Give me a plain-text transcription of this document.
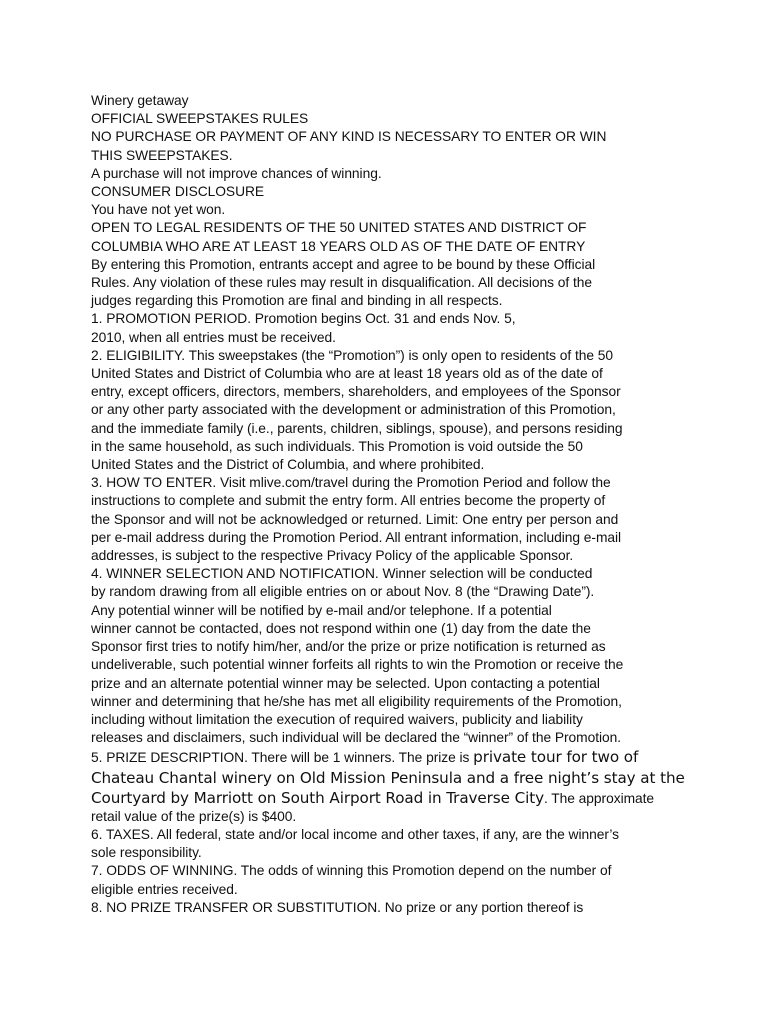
Winery getaway

OFFICIAL SWEEPSTAKES RULES

NO PURCHASE OR PAYMENT OF ANY KIND IS NECESSARY TO ENTER OR WIN

THIS SWEEPSTAKES.

A purchase will not improve chances of winning.

CONSUMER DISCLOSURE

You have not yet won.

OPEN TO LEGAL RESIDENTS OF THE 50 UNITED STATES AND DISTRICT OF

COLUMBIA WHO ARE AT LEAST 18 YEARS OLD AS OF THE DATE OF ENTRY

By entering this Promotion, entrants accept and agree to be bound by these Official

Rules. Any violation of these rules may result in disqualification. All decisions of the

judges regarding this Promotion are final and binding in all respects.

1. PROMOTION PERIOD. Promotion begins Oct. 31 and ends Nov. 5,

2010, when all entries must be received.

2. ELIGIBILITY. This sweepstakes (the “Promotion”) is only open to residents of the 50

United States and District of Columbia who are at least 18 years old as of the date of

entry, except officers, directors, members, shareholders, and employees of the Sponsor

or any other party associated with the development or administration of this Promotion,

and the immediate family (i.e., parents, children, siblings, spouse), and persons residing

in the same household, as such individuals. This Promotion is void outside the 50

United States and the District of Columbia, and where prohibited.

3. HOW TO ENTER. Visit mlive.com/travel during the Promotion Period and follow the

instructions to complete and submit the entry form. All entries become the property of

the Sponsor and will not be acknowledged or returned. Limit: One entry per person and

per e-mail address during the Promotion Period. All entrant information, including e-mail

addresses, is subject to the respective Privacy Policy of the applicable Sponsor.

4. WINNER SELECTION AND NOTIFICATION. Winner selection will be conducted

by random drawing from all eligible entries on or about Nov. 8 (the “Drawing Date”).

Any potential winner will be notified by e-mail and/or telephone. If a potential

winner cannot be contacted, does not respond within one (1) day from the date the

Sponsor first tries to notify him/her, and/or the prize or prize notification is returned as

undeliverable, such potential winner forfeits all rights to win the Promotion or receive the

prize and an alternate potential winner may be selected. Upon contacting a potential

winner and determining that he/she has met all eligibility requirements of the Promotion,

including without limitation the execution of required waivers, publicity and liability

releases and disclaimers, such individual will be declared the “winner” of the Promotion.

5. PRIZE DESCRIPTION. There will be 1 winners. The prize is private tour for two of

Chateau Chantal winery on Old Mission Peninsula and a free night’s stay at the

Courtyard by Marriott on South Airport Road in Traverse City. The approximate

retail value of the prize(s) is $400.

6. TAXES. All federal, state and/or local income and other taxes, if any, are the winner’s

sole responsibility.

7. ODDS OF WINNING. The odds of winning this Promotion depend on the number of

eligible entries received.

8. NO PRIZE TRANSFER OR SUBSTITUTION. No prize or any portion thereof is
